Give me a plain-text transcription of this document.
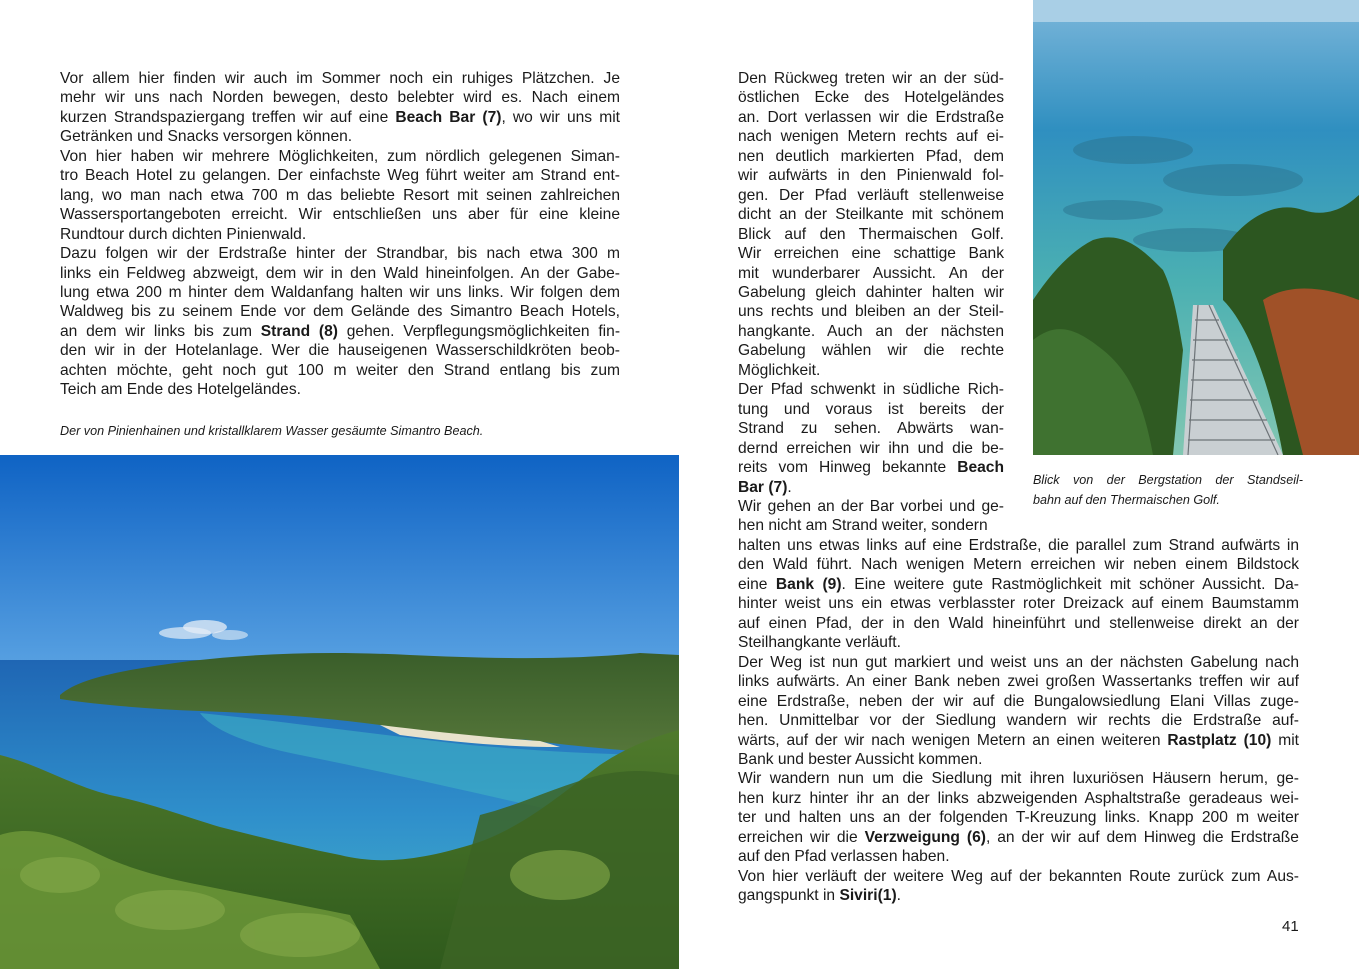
Vor allem hier finden wir auch im Sommer noch ein ruhiges Plätzchen. Je
mehr wir uns nach Norden bewegen, desto belebter wird es. Nach einem
kurzen Strandspaziergang treffen wir auf eine Beach Bar (7), wo wir uns mit
Getränken und Snacks versorgen können.

Von hier haben wir mehrere Möglichkeiten, zum nördlich gelegenen Siman-
tro Beach Hotel zu gelangen. Der einfachste Weg führt weiter am Strand ent-
lang, wo man nach etwa 700 m das beliebte Resort mit seinen zahlreichen
Wassersportangeboten erreicht. Wir entschließen uns aber für eine kleine
Rundtour durch dichten Pinienwald.

Dazu folgen wir der Erdstraße hinter der Strandbar, bis nach etwa 300 m
links ein Feldweg abzweigt, dem wir in den Wald hineinfolgen. An der Gabe-
lung etwa 200 m hinter dem Waldanfang halten wir uns links. Wir folgen dem
Waldweg bis zu seinem Ende vor dem Gelände des Simantro Beach Hotels,
an dem wir links bis zum Strand (8) gehen. Verpflegungsmöglichkeiten fin-
den wir in der Hotelanlage. Wer die hauseigenen Wasserschildkröten beob-
achten möchte, geht noch gut 100 m weiter den Strand entlang bis zum
Teich am Ende des Hotelgeländes.

Der von Pinienhainen und kristallklarem Wasser gesäumte Simantro Beach.

Den Rückweg treten wir an der süd-
östlichen Ecke des Hotelgeländes
an. Dort verlassen wir die Erdstraße
nach wenigen Metern rechts auf ei-
nen deutlich markierten Pfad, dem
wir aufwärts in den Pinienwald fol-
gen. Der Pfad verläuft stellenweise
dicht an der Steilkante mit schönem
Blick auf den Thermaischen Golf.
Wir erreichen eine schattige Bank
mit wunderbarer Aussicht. An der
Gabelung gleich dahinter halten wir
uns rechts und bleiben an der Steil-
hangkante. Auch an der nächsten
Gabelung wählen wir die rechte
Möglichkeit.

Der Pfad schwenkt in südliche Rich-
tung und voraus ist bereits der
Strand zu sehen. Abwärts wan-
dernd erreichen wir ihn und die be-
reits vom Hinweg bekannte Beach
Bar (7).

Wir gehen an der Bar vorbei und ge-
hen nicht am Strand weiter, sondern

halten uns etwas links auf eine Erdstraße, die parallel zum Strand aufwärts in
den Wald führt. Nach wenigen Metern erreichen wir neben einem Bildstock
eine Bank (9). Eine weitere gute Rastmöglichkeit mit schöner Aussicht. Da-
hinter weist uns ein etwas verblasster roter Dreizack auf einem Baumstamm
auf einen Pfad, der in den Wald hineinführt und stellenweise direkt an der
Steilhangkante verläuft.

Der Weg ist nun gut markiert und weist uns an der nächsten Gabelung nach
links aufwärts. An einer Bank neben zwei großen Wassertanks treffen wir auf
eine Erdstraße, neben der wir auf die Bungalowsiedlung Elani Villas zuge-
hen. Unmittelbar vor der Siedlung wandern wir rechts die Erdstraße auf-
wärts, auf der wir nach wenigen Metern an einen weiteren Rastplatz (10) mit
Bank und bester Aussicht kommen.

Wir wandern nun um die Siedlung mit ihren luxuriösen Häusern herum, ge-
hen kurz hinter ihr an der links abzweigenden Asphaltstraße geradeaus wei-
ter und halten uns an der folgenden T-Kreuzung links. Knapp 200 m weiter
erreichen wir die Verzweigung (6), an der wir auf dem Hinweg die Erdstraße
auf den Pfad verlassen haben.

Von hier verläuft der weitere Weg auf der bekannten Route zurück zum Aus-
gangspunkt in Siviri(1).

Blick von der Bergstation der Standseil-
bahn auf den Thermaischen Golf.
41
